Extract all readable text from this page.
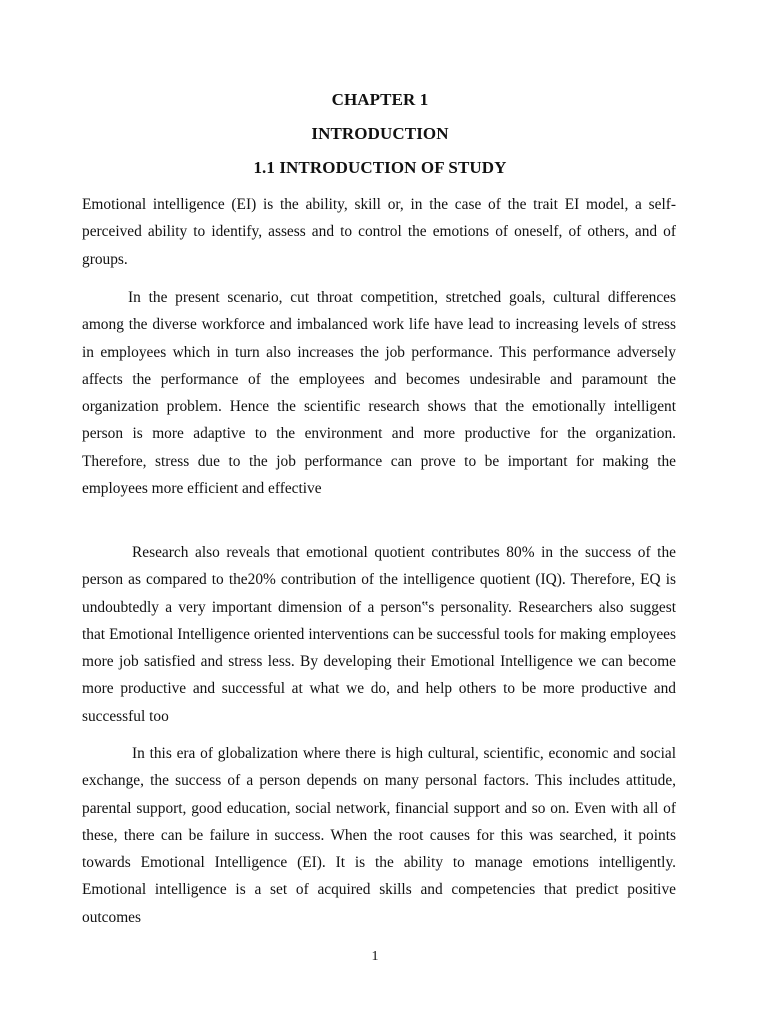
CHAPTER 1
INTRODUCTION
1.1 INTRODUCTION OF STUDY

Emotional intelligence (EI) is the ability, skill or, in the case of the trait EI model, a self-perceived ability to identify, assess and to control the emotions of oneself, of others, and of groups.

In the present scenario, cut throat competition, stretched goals, cultural differences among the diverse workforce and imbalanced work life have lead to increasing levels of stress in employees which in turn also increases the job performance. This performance adversely affects the performance of the employees and becomes undesirable and paramount the organization problem. Hence the scientific research shows that the emotionally intelligent person is more adaptive to the environment and more productive for the organization. Therefore, stress due to the job performance can prove to be important for making the employees more efficient and effective

Research also reveals that emotional quotient contributes 80% in the success of the person as compared to the20% contribution of the intelligence quotient (IQ). Therefore, EQ is undoubtedly a very important dimension of a person‟s personality. Researchers also suggest that Emotional Intelligence oriented interventions can be successful tools for making employees more job satisfied and stress less. By developing their Emotional Intelligence we can become more productive and successful at what we do, and help others to be more productive and successful too

In this era of globalization where there is high cultural, scientific, economic and social exchange, the success of a person depends on many personal factors. This includes attitude, parental support, good education, social network, financial support and so on. Even with all of these, there can be failure in success. When the root causes for this was searched, it points towards Emotional Intelligence (EI). It is the ability to manage emotions intelligently. Emotional intelligence is a set of acquired skills and competencies that predict positive outcomes

1
